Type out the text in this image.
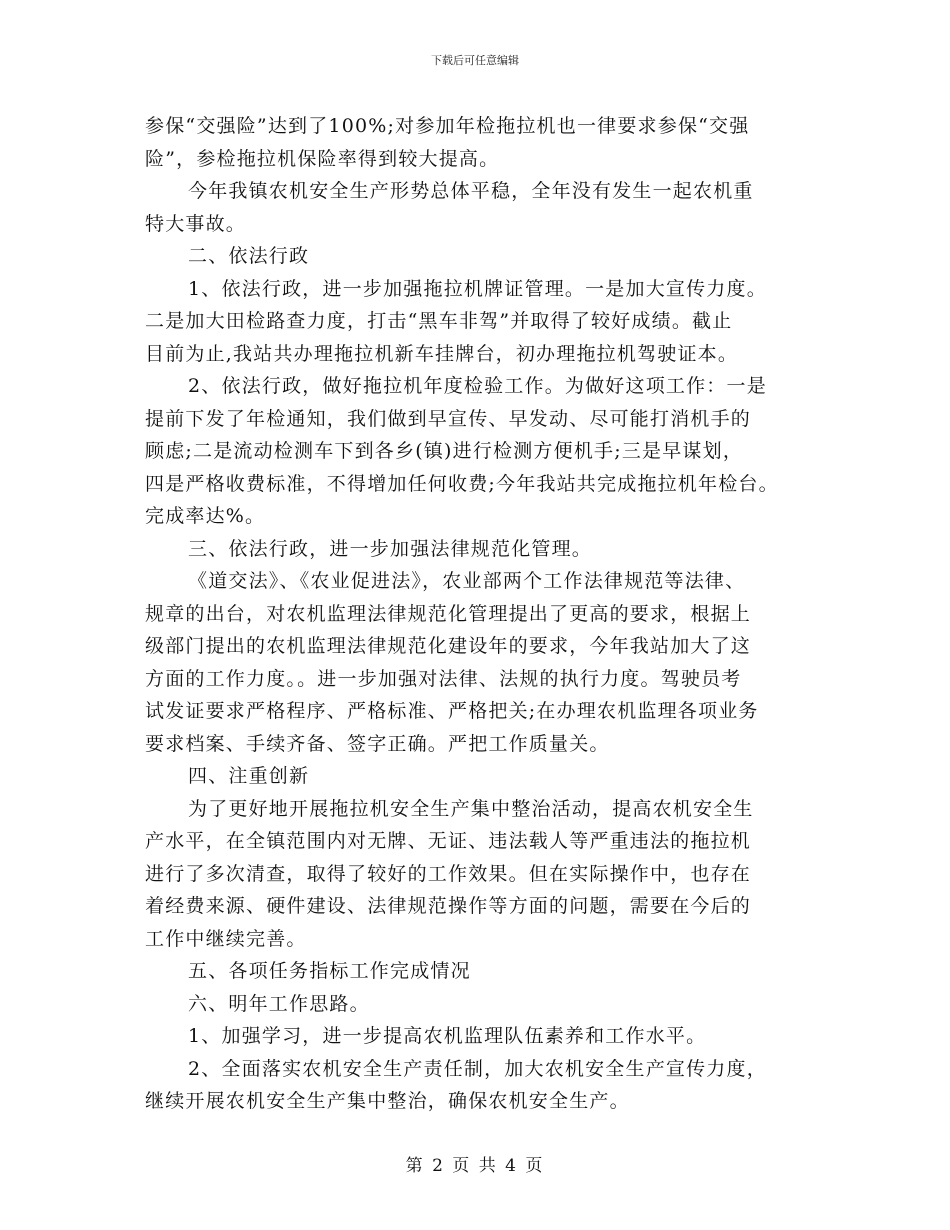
下载后可任意编辑
参保“交强险”达到了100%;对参加年检拖拉机也一律要求参保“交强
险”，参检拖拉机保险率得到较大提高。
今年我镇农机安全生产形势总体平稳，全年没有发生一起农机重
特大事故。
二、依法行政
1、依法行政，进一步加强拖拉机牌证管理。一是加大宣传力度。
二是加大田检路查力度，打击“黑车非驾”并取得了较好成绩。截止
目前为止,我站共办理拖拉机新车挂牌台，初办理拖拉机驾驶证本。
2、依法行政，做好拖拉机年度检验工作。为做好这项工作：一是
提前下发了年检通知，我们做到早宣传、早发动、尽可能打消机手的
顾虑;二是流动检测车下到各乡(镇)进行检测方便机手;三是早谋划，
四是严格收费标准，不得增加任何收费;今年我站共完成拖拉机年检台。
完成率达%。
三、依法行政，进一步加强法律规范化管理。
《道交法》、《农业促进法》，农业部两个工作法律规范等法律、
规章的出台，对农机监理法律规范化管理提出了更高的要求，根据上
级部门提出的农机监理法律规范化建设年的要求，今年我站加大了这
方面的工作力度。。进一步加强对法律、法规的执行力度。驾驶员考
试发证要求严格程序、严格标准、严格把关;在办理农机监理各项业务
要求档案、手续齐备、签字正确。严把工作质量关。
四、注重创新
为了更好地开展拖拉机安全生产集中整治活动，提高农机安全生
产水平，在全镇范围内对无牌、无证、违法载人等严重违法的拖拉机
进行了多次清查，取得了较好的工作效果。但在实际操作中，也存在
着经费来源、硬件建设、法律规范操作等方面的问题，需要在今后的
工作中继续完善。
五、各项任务指标工作完成情况
六、明年工作思路。
1、加强学习，进一步提高农机监理队伍素养和工作水平。
2、全面落实农机安全生产责任制，加大农机安全生产宣传力度，
继续开展农机安全生产集中整治，确保农机安全生产。
第 2 页 共 4 页
